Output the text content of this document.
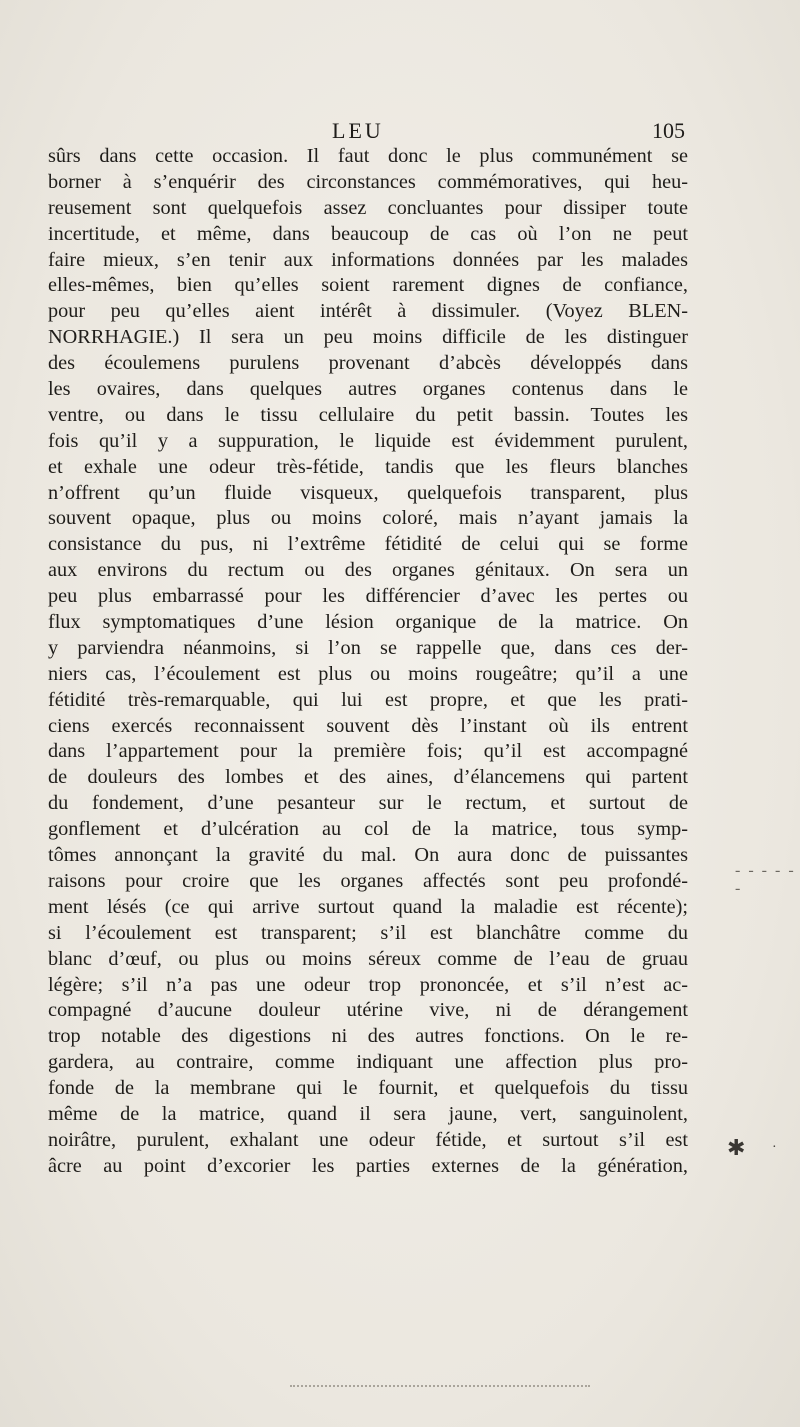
LEU	105
sûrs dans cette occasion. Il faut donc le plus communément se
borner à s’enquérir des circonstances commémoratives, qui heu-
reusement sont quelquefois assez concluantes pour dissiper toute
incertitude, et même, dans beaucoup de cas où l’on ne peut
faire mieux, s’en tenir aux informations données par les malades
elles-mêmes, bien qu’elles soient rarement dignes de confiance,
pour peu qu’elles aient intérêt à dissimuler. (Voyez BLEN-
NORRHAGIE.) Il sera un peu moins difficile de les distinguer
des écoulemens purulens provenant d’abcès développés dans
les ovaires, dans quelques autres organes contenus dans le
ventre, ou dans le tissu cellulaire du petit bassin. Toutes les
fois qu’il y a suppuration, le liquide est évidemment purulent,
et exhale une odeur très-fétide, tandis que les fleurs blanches
n’offrent qu’un fluide visqueux, quelquefois transparent, plus
souvent opaque, plus ou moins coloré, mais n’ayant jamais la
consistance du pus, ni l’extrême fétidité de celui qui se forme
aux environs du rectum ou des organes génitaux. On sera un
peu plus embarrassé pour les différencier d’avec les pertes ou
flux symptomatiques d’une lésion organique de la matrice. On
y parviendra néanmoins, si l’on se rappelle que, dans ces der-
niers cas, l’écoulement est plus ou moins rougeâtre; qu’il a une
fétidité très-remarquable, qui lui est propre, et que les prati-
ciens exercés reconnaissent souvent dès l’instant où ils entrent
dans l’appartement pour la première fois; qu’il est accompagné
de douleurs des lombes et des aines, d’élancemens qui partent
du fondement, d’une pesanteur sur le rectum, et surtout de
gonflement et d’ulcération au col de la matrice, tous symp-
tômes annonçant la gravité du mal. On aura donc de puissantes
raisons pour croire que les organes affectés sont peu profondé-
ment lésés (ce qui arrive surtout quand la maladie est récente);
si l’écoulement est transparent; s’il est blanchâtre comme du
blanc d’œuf, ou plus ou moins séreux comme de l’eau de gruau
légère; s’il n’a pas une odeur trop prononcée, et s’il n’est ac-
compagné d’aucune douleur utérine vive, ni de dérangement
trop notable des digestions ni des autres fonctions. On le re-
gardera, au contraire, comme indiquant une affection plus pro-
fonde de la membrane qui le fournit, et quelquefois du tissu
même de la matrice, quand il sera jaune, vert, sanguinolent,
noirâtre, purulent, exhalant une odeur fétide, et surtout s’il est
âcre au point d’excorier les parties externes de la génération,
- - - - - -
✱ ·
